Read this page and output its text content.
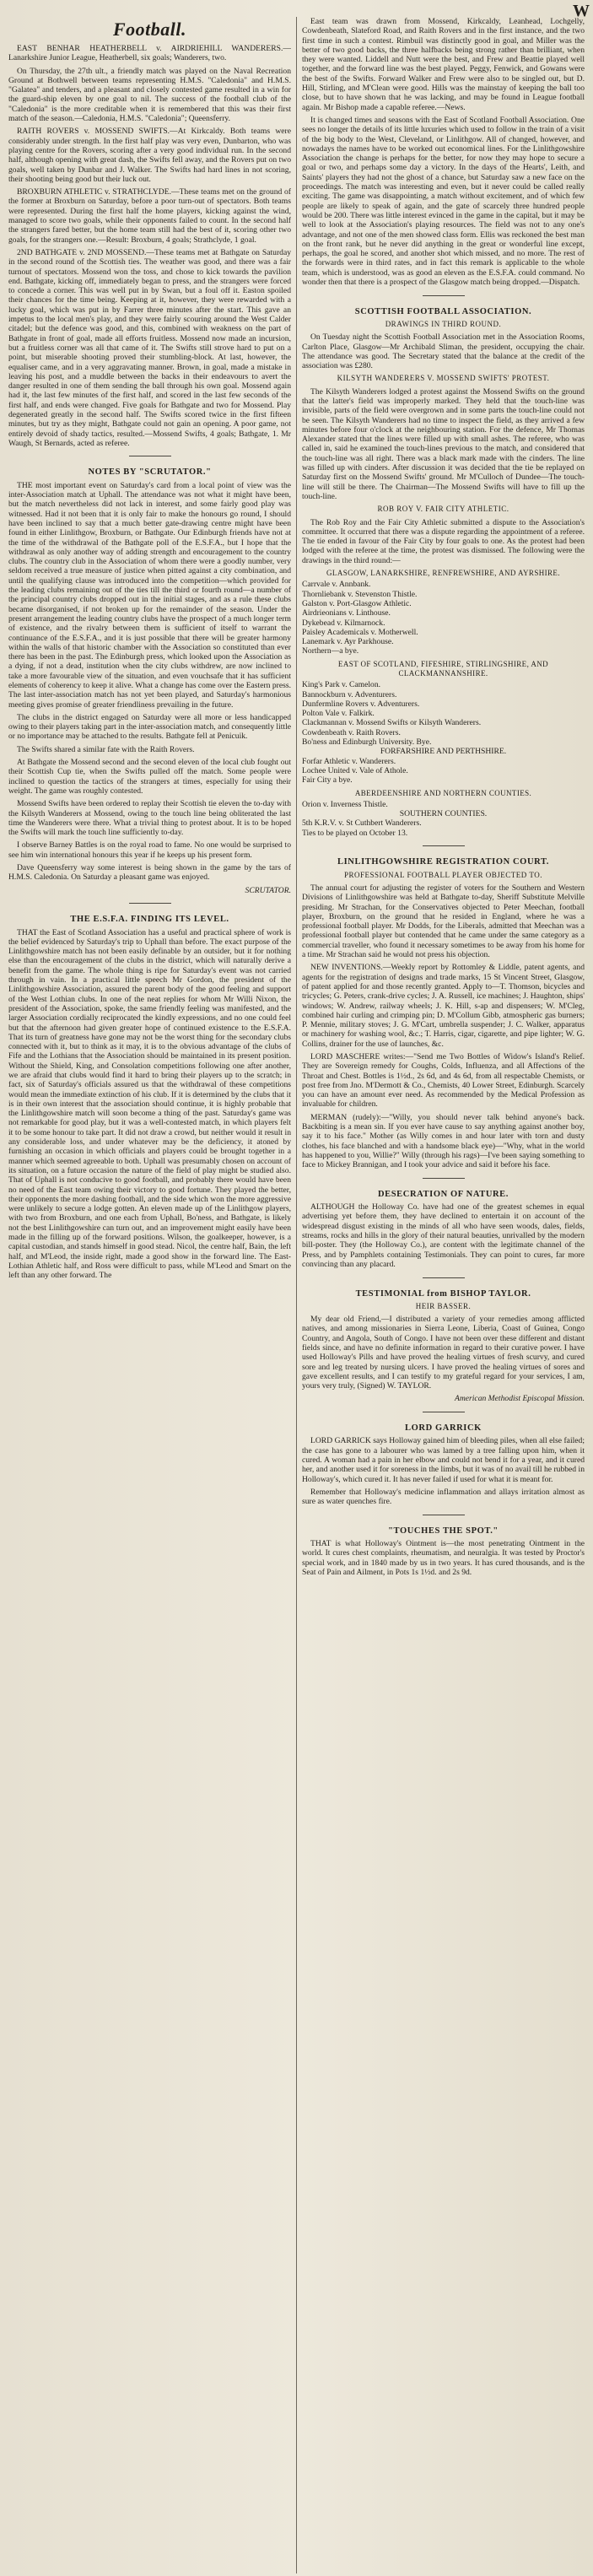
W
Football.

EAST BENHAR HEATHERBELL v. AIRDRIEHILL WANDERERS.—Lanarkshire Junior League, Heatherbell, six goals; Wanderers, two.

On Thursday, the 27th ult., a friendly match was played on the Naval Recreation Ground at Bothwell between teams representing H.M.S. "Caledonia" and H.M.S. "Galatea" and tenders, and a pleasant and closely contested game resulted in a win for the guard-ship eleven by one goal to nil. The success of the football club of the "Caledonia" is the more creditable when it is remembered that this was their first match of the season.—Caledonia, H.M.S. "Caledonia"; Queensferry.

RAITH ROVERS v. MOSSEND SWIFTS.—At Kirkcaldy. Both teams were considerably under strength. In the first half play was very even, Dunbarton, who was playing centre for the Rovers, scoring after a very good individual run. In the second half, although opening with great dash, the Swifts fell away, and the Rovers put on two goals, well taken by Dunbar and J. Walker. The Swifts had hard lines in not scoring, their shooting being good but their luck out.

BROXBURN ATHLETIC v. STRATHCLYDE.—These teams met on the ground of the former at Broxburn on Saturday, before a poor turn-out of spectators. Both teams were represented. During the first half the home players, kicking against the wind, managed to score two goals, while their opponents failed to count. In the second half the strangers fared better, but the home team still had the best of it, scoring other two goals, for the strangers one.—Result: Broxburn, 4 goals; Strathclyde, 1 goal.

2ND BATHGATE v. 2ND MOSSEND.—These teams met at Bathgate on Saturday in the second round of the Scottish ties. The weather was good, and there was a fair turnout of spectators. Mossend won the toss, and chose to kick towards the pavilion end. Bathgate, kicking off, immediately began to press, and the strangers were forced to concede a corner. This was well put in by Swan, but a foul off it. Easton spoiled their chances for the time being. Keeping at it, however, they were rewarded with a lucky goal, which was put in by Farrer three minutes after the start. This gave an impetus to the local men's play, and they were fairly scouring around the West Calder citadel; but the defence was good, and this, combined with weakness on the part of Bathgate in front of goal, made all efforts fruitless. Mossend now made an incursion, but a fruitless corner was all that came of it. The Swifts still strove hard to put on a point, but miserable shooting proved their stumbling-block. At last, however, the equaliser came, and in a very aggravating manner. Brown, in goal, made a mistake in leaving his post, and a muddle between the backs in their endeavours to avert the danger resulted in one of them sending the ball through his own goal. Mossend again had it, the last few minutes of the first half, and scored in the last few seconds of the first half, and ends were changed. Five goals for Bathgate and two for Mossend. Play degenerated greatly in the second half. The Swifts scored twice in the first fifteen minutes, but try as they might, Bathgate could not gain an opening. A poor game, not entirely devoid of shady tactics, resulted.—Mossend Swifts, 4 goals; Bathgate, 1. Mr Waugh, St Bernards, acted as referee.

NOTES BY "SCRUTATOR."

THE most important event on Saturday's card from a local point of view was the inter-Association match at Uphall. The attendance was not what it might have been, but the match nevertheless did not lack in interest, and some fairly good play was witnessed. Had it not been that it is only fair to make the honours go round, I should have been inclined to say that a much better gate-drawing centre might have been found in either Linlithgow, Broxburn, or Bathgate. Our Edinburgh friends have not at the time of the withdrawal of the Bathgate poll of the E.S.F.A., but I hope that the withdrawal as only another way of adding strength and encouragement to the country clubs. The country club in the Association of whom there were a goodly number, very seldom received a true measure of justice when pitted against a city combination, and until the qualifying clause was introduced into the competition—which provided for the leading clubs remaining out of the ties till the third or fourth round—a number of the principal country clubs dropped out in the initial stages, and as a rule these clubs became disorganised, if not broken up for the remainder of the season. Under the present arrangement the leading country clubs have the prospect of a much longer term of existence, and the rivalry between them is sufficient of itself to warrant the continuance of the E.S.F.A., and it is just possible that there will be greater harmony within the walls of that historic chamber with the Association so constituted than ever there has been in the past. The Edinburgh press, which looked upon the Association as a dying, if not a dead, institution when the city clubs withdrew, are now inclined to take a more favourable view of the situation, and even vouchsafe that it has sufficient elements of coherency to keep it alive. What a change has come over the Eastern press. The last inter-association match has not yet been played, and Saturday's harmonious meeting gives promise of greater friendliness prevailing in the future.

The clubs in the district engaged on Saturday were all more or less handicapped owing to their players taking part in the inter-association match, and consequently little or no importance may be attached to the results. Bathgate fell at Penicuik.

The Swifts shared a similar fate with the Raith Rovers.

At Bathgate the Mossend second and the second eleven of the local club fought out their Scottish Cup tie, when the Swifts pulled off the match. Some people were inclined to question the tactics of the strangers at times, especially for using their weight. The game was roughly contested.

Mossend Swifts have been ordered to replay their Scottish tie eleven the to-day with the Kilsyth Wanderers at Mossend, owing to the touch line being obliterated the last time the Wanderers were there. What a trivial thing to protest about. It is to be hoped the Swifts will mark the touch line sufficiently to-day.

I observe Barney Battles is on the royal road to fame. No one would be surprised to see him win international honours this year if he keeps up his present form.

Dave Queensferry way some interest is being shown in the game by the tars of H.M.S. Caledonia. On Saturday a pleasant game was enjoyed.

SCRUTATOR.
THE E.S.F.A. FINDING ITS LEVEL.

THAT the East of Scotland Association has a useful and practical sphere of work is the belief evidenced by Saturday's trip to Uphall than before. The exact purpose of the Linlithgowshire match has not been easily definable by an outsider, but it for nothing else than the encouragement of the clubs in the district, which will naturally derive a benefit from the game. The whole thing is ripe for Saturday's event was not carried through in vain. In a practical little speech Mr Gordon, the president of the Linlithgowshire Association, assured the parent body of the good feeling and support of the West Lothian clubs. In one of the neat replies for whom Mr Willi Nixon, the president of the Association, spoke, the same friendly feeling was manifested, and the larger Association cordially reciprocated the kindly expressions, and no one could feel but that the afternoon had given greater hope of continued existence to the E.S.F.A. That its turn of greatness have gone may not be the worst thing for the secondary clubs connected with it, but to think as it may, it is to the obvious advantage of the clubs of Fife and the Lothians that the Association should be maintained in its present position. Without the Shield, King, and Consolation competitions following one after another, we are afraid that clubs would find it hard to bring their players up to the scratch; in fact, six of Saturday's officials assured us that the withdrawal of these competitions would mean the immediate extinction of his club. If it is determined by the clubs that it is in their own interest that the association should continue, it is highly probable that the Linlithgowshire match will soon become a thing of the past. Saturday's game was not remarkable for good play, but it was a well-contested match, in which players felt it to be some honour to take part. It did not draw a crowd, but neither would it result in any considerable loss, and under whatever may be the deficiency, it atoned by furnishing an occasion in which officials and players could be brought together in a manner which seemed agreeable to both. Uphall was presumably chosen on account of its situation, on a future occasion the nature of the field of play might be studied also. That of Uphall is not conducive to good football, and probably there would have been no need of the East team owing their victory to good fortune. They played the better, their opponents the more dashing football, and the side which won the more aggressive were unlikely to secure a lodge gotten. An eleven made up of the Linlithgow players, with two from Broxburn, and one each from Uphall, Bo'ness, and Bathgate, is likely not the best Linlithgowshire can turn out, and an improvement might easily have been made in the filling up of the forward positions. Wilson, the goalkeeper, however, is a capital custodian, and stands himself in good stead. Nicol, the centre half, Bain, the left half, and M'Leod, the inside right, made a good show in the forward line. The East-Lothian Athletic half, and Ross were difficult to pass, while M'Leod and Smart on the left than any other forward. The

East team was drawn from Mossend, Kirkcaldy, Leanhead, Lochgelly, Cowdenbeath, Slateford Road, and Raith Rovers and in the first instance, and the two first time in such a contest. Rimbuil was distinctly good in goal, and Miller was the better of two good backs, the three halfbacks being strong rather than brilliant, when they were wanted. Liddell and Nutt were the best, and Frew and Beattie played well together, and the forward line was the best played. Peggy, Fenwick, and Gowans were the best of the Swifts. Forward Walker and Frew were also to be singled out, but D. Hill, Stirling, and M'Clean were good. Hills was the mainstay of keeping the ball too close, but to have shown that he was lacking, and may be found in League football again. Mr Bishop made a capable referee.—News.

It is changed times and seasons with the East of Scotland Football Association. One sees no longer the details of its little luxuries which used to follow in the train of a visit of the big body to the West, Cleveland, or Linlithgow. All of changed, however, and nowadays the names have to be worked out economical lines. For the Linlithgowshire Association the change is perhaps for the better, for now they may hope to secure a goal or two, and perhaps some day a victory. In the days of the Hearts', Leith, and Saints' players they had not the ghost of a chance, but Saturday saw a new face on the proceedings. The match was interesting and even, but it never could be called really exciting. The game was disappointing, a match without excitement, and of which few people are likely to speak of again, and the gate of scarcely three hundred people would be 200. There was little interest evinced in the game in the capital, but it may be well to look at the Association's playing resources. The field was not to any one's advantage, and not one of the men showed class form. Ellis was reckoned the best man on the front rank, but he never did anything in the great or wonderful line except, perhaps, the goal he scored, and another shot which missed, and no more. The rest of the forwards were in third rates, and in fact this remark is applicable to the whole team, which is understood, was as good an eleven as the E.S.F.A. could command. No wonder then that there is a prospect of the Glasgow match being dropped.—Dispatch.

SCOTTISH FOOTBALL ASSOCIATION.
DRAWINGS IN THIRD ROUND.

On Tuesday night the Scottish Football Association met in the Association Rooms, Carlton Place, Glasgow—Mr Archibald Sliman, the president, occupying the chair. The attendance was good. The Secretary stated that the balance at the credit of the association was £280.

KILSYTH WANDERERS V. MOSSEND SWIFTS' PROTEST.

The Kilsyth Wanderers lodged a protest against the Mossend Swifts on the ground that the latter's field was improperly marked. They held that the touch-line was invisible, parts of the field were overgrown and in some parts the touch-line could not be seen. The Kilsyth Wanderers had no time to inspect the field, as they arrived a few minutes before four o'clock at the neighbouring station. For the defence, Mr Thomas Alexander stated that the lines were filled up with small ashes. The referee, who was called in, said he examined the touch-lines previous to the match, and considered that the touch-line was all right. There was a black mark made with the cinders. The line was filled up with cinders. After discussion it was decided that the tie be replayed on Saturday first on the Mossend Swifts' ground. Mr M'Culloch of Dundee—The touch-line will still be there. The Chairman—The Mossend Swifts will have to fill up the touch-line.

ROB ROY V. FAIR CITY ATHLETIC.

The Rob Roy and the Fair City Athletic submitted a dispute to the Association's committee. It occurred that there was a dispute regarding the appointment of a referee. The tie ended in favour of the Fair City by four goals to one. As the protest had been lodged with the referee at the time, the protest was dismissed. The following were the drawings in the third round:—

GLASGOW, LANARKSHIRE, RENFREWSHIRE, AND AYRSHIRE.
Carrvale v. Annbank.
Thornliebank v. Stevenston Thistle.
Galston v. Port-Glasgow Athletic.
Airdrieonians v. Linthouse.
Dykebead v. Kilmarnock.
Paisley Academicals v. Motherwell.
Lanemark v. Ayr Parkhouse.
Northern—a bye.
EAST OF SCOTLAND, FIFESHIRE, STIRLINGSHIRE, AND CLACKMANNANSHIRE.
King's Park v. Camelon.
Bannockburn v. Adventurers.
Dunfermline Rovers v. Adventurers.
Polton Vale v. Falkirk.
Clackmannan v. Mossend Swifts or Kilsyth Wanderers.
Cowdenbeath v. Raith Rovers.
Bo'ness and Edinburgh University. Bye.
FORFARSHIRE AND PERTHSHIRE.
Forfar Athletic v. Wanderers.
Lochee United v. Vale of Athole.
Fair City a bye.
ABERDEENSHIRE AND NORTHERN COUNTIES.
Orion v. Inverness Thistle.
SOUTHERN COUNTIES.
5th K.R.V. v. St Cuthbert Wanderers.
Ties to be played on October 13.
LINLITHGOWSHIRE REGISTRATION COURT.
PROFESSIONAL FOOTBALL PLAYER OBJECTED TO.

The annual court for adjusting the register of voters for the Southern and Western Divisions of Linlithgowshire was held at Bathgate to-day, Sheriff Substitute Melville presiding. Mr Strachan, for the Conservatives objected to Peter Meechan, football player, Broxburn, on the ground that he resided in England, where he was a professional football player. Mr Dodds, for the Liberals, admitted that Meechan was a professional football player but contended that he came under the same category as a commercial traveller, who found it necessary sometimes to be away from his home for a time. Mr Strachan said he would not press his objection.

NEW INVENTIONS.—Weekly report by Rottomley & Liddle, patent agents, and agents for the registration of designs and trade marks, 15 St Vincent Street, Glasgow, of patent applied for and those recently granted. Apply to—T. Thomson, bicycles and tricycles; G. Peters, crank-drive cycles; J. A. Russell, ice machines; J. Haughton, ships' windows; W. Andrew, railway wheels; J. K. Hill, s-ap and dispensers; W. M'Cleg, combined hair curling and crimping pin; D. M'Collum Gibb, atmospheric gas burners; P. Mennie, military stoves; J. G. M'Cart, umbrella suspender; J. C. Walker, apparatus or machinery for washing wool, &c.; T. Harris, cigar, cigarette, and pipe lighter; W. G. Collins, drainer for the use of launches, &c.

LORD MASCHERE writes:—"Send me Two Bottles of Widow's Island's Relief. They are Sovereign remedy for Coughs, Colds, Influenza, and all Affections of the Throat and Chest. Bottles is 1½d., 2s 6d, and 4s 6d, from all respectable Chemists, or post free from Jno. M'Dermott & Co., Chemists, 40 Lower Street, Edinburgh. Scarcely you can have an amount ever need. As recommended by the Medical Profession as invaluable for children.

MERMAN (rudely):—"Willy, you should never talk behind anyone's back. Backbiting is a mean sin. If you ever have cause to say anything against another boy, say it to his face." Mother (as Willy comes in and hour later with torn and dusty clothes, his face blanched and with a handsome black eye)—"Why, what in the world has happened to you, Willie?" Willy (through his rags)—I've been saying something to face to Mickey Brannigan, and I took your advice and said it before his face.

DESECRATION OF NATURE.

ALTHOUGH the Holloway Co. have had one of the greatest schemes in equal advertising yet before them, they have declined to entertain it on account of the widespread disgust existing in the minds of all who have seen woods, dales, fields, streams, rocks and hills in the glory of their natural beauties, unrivalled by the modern bill-poster. They (the Holloway Co.), are content with the legitimate channel of the Press, and by Pamphlets containing Testimonials. They can point to cures, far more convincing than any placard.

TESTIMONIAL from BISHOP TAYLOR.
HEIR BASSER.

My dear old Friend,—I distributed a variety of your remedies among afflicted natives, and among missionaries in Sierra Leone, Liberia, Coast of Guinea, Congo Country, and Angola, South of Congo. I have not been over these different and distant fields since, and have no definite information in regard to their curative power. I have used Holloway's Pills and have proved the healing virtues of fresh scurvy, and cured sore and leg treated by nursing ulcers. I have proved the healing virtues of sores and gave excellent results, and I can testify to my grateful regard for your services, I am, yours very truly, (Signed) W. TAYLOR.

American Methodist Episcopal Mission.
LORD GARRICK

LORD GARRICK says Holloway gained him of bleeding piles, when all else failed; the case has gone to a labourer who was lamed by a tree falling upon him, when it cured. A woman had a pain in her elbow and could not bend it for a year, and it cured her, and another used it for soreness in the limbs, but it was of no avail till he rubbed in Holloway's, which cured it. It has never failed if used for what it is meant for.

Remember that Holloway's medicine inflammation and allays irritation almost as sure as water quenches fire.

"TOUCHES THE SPOT."

THAT is what Holloway's Ointment is—the most penetrating Ointment in the world. It cures chest complaints, rheumatism, and neuralgia. It was tested by Proctor's special work, and in 1840 made by us in two years. It has cured thousands, and is the Seat of Pain and Ailment, in Pots 1s 1½d. and 2s 9d.
